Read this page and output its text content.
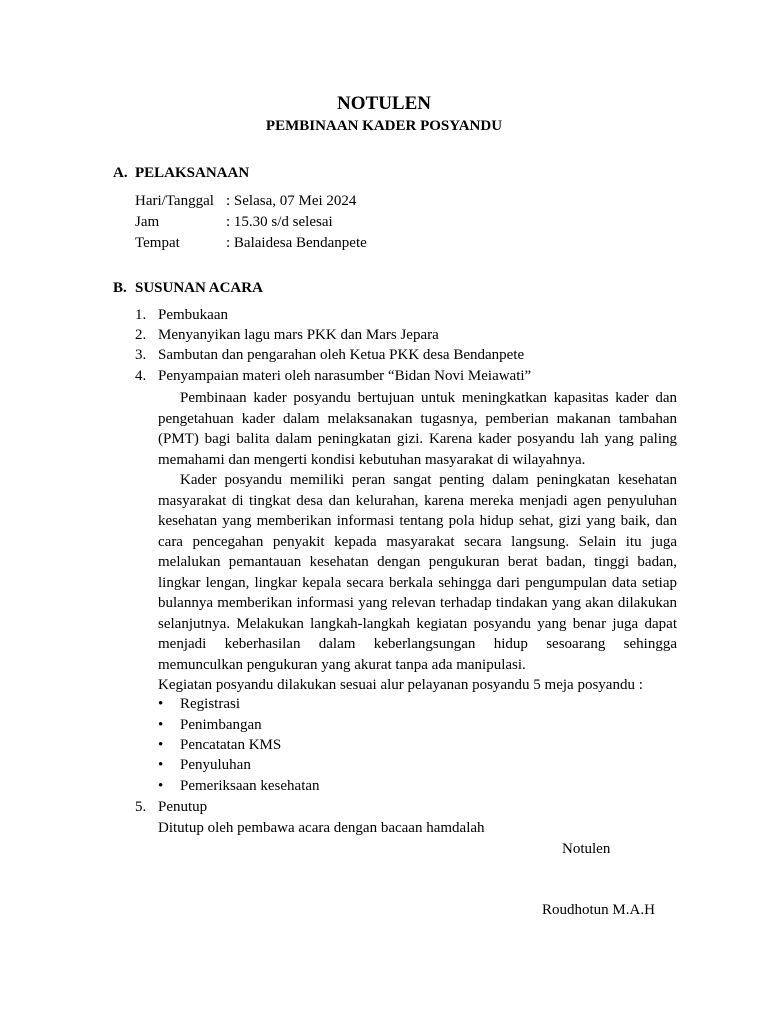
NOTULEN
PEMBINAAN KADER POSYANDU
A. PELAKSANAAN
Hari/Tanggal : Selasa, 07 Mei 2024
Jam	: 15.30 s/d selesai
Tempat	: Balaidesa Bendanpete
B. SUSUNAN ACARA
1. Pembukaan
2. Menyanyikan lagu mars PKK dan Mars Jepara
3. Sambutan dan pengarahan oleh Ketua PKK desa Bendanpete
4. Penyampaian materi oleh narasumber “Bidan Novi Meiawati”

Pembinaan kader posyandu bertujuan untuk meningkatkan kapasitas kader dan pengetahuan kader dalam melaksanakan tugasnya, pemberian makanan tambahan (PMT) bagi balita dalam peningkatan gizi. Karena kader posyandu lah yang paling memahami dan mengerti kondisi kebutuhan masyarakat di wilayahnya.

Kader posyandu memiliki peran sangat penting dalam peningkatan kesehatan masyarakat di tingkat desa dan kelurahan, karena mereka menjadi agen penyuluhan kesehatan yang memberikan informasi tentang pola hidup sehat, gizi yang baik, dan cara pencegahan penyakit kepada masyarakat secara langsung. Selain itu juga melalukan pemantauan kesehatan dengan pengukuran berat badan, tinggi badan, lingkar lengan, lingkar kepala secara berkala sehingga dari pengumpulan data setiap bulannya memberikan informasi yang relevan terhadap tindakan yang akan dilakukan selanjutnya. Melakukan langkah-langkah kegiatan posyandu yang benar juga dapat menjadi keberhasilan dalam keberlangsungan hidup sesoarang sehingga memunculkan pengukuran yang akurat tanpa ada manipulasi.

Kegiatan posyandu dilakukan sesuai alur pelayanan posyandu 5 meja posyandu :

• Registrasi
• Penimbangan
• Pencatatan KMS
• Penyuluhan
• Pemeriksaan kesehatan
5. Penutup
Ditutup oleh pembawa acara dengan bacaan hamdalah
Notulen
Roudhotun M.A.H
